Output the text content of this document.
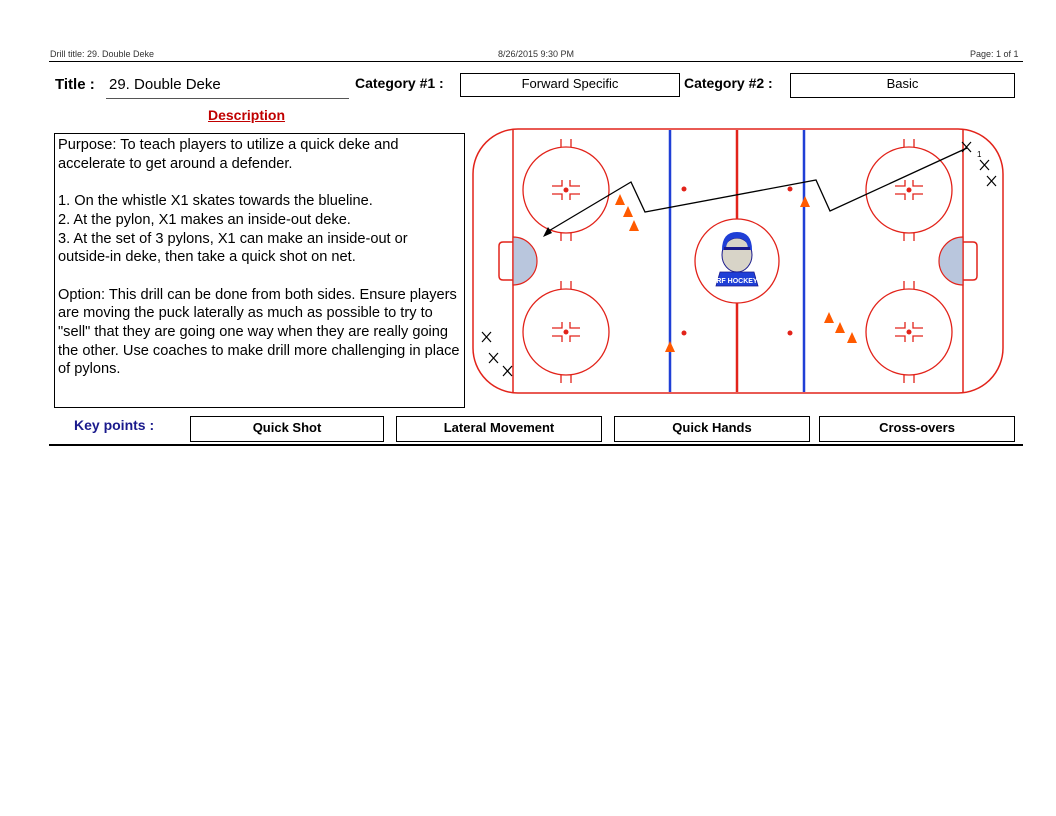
Drill title: 29. Double Deke	8/26/2015 9:30 PM	Page: 1 of 1
Title : 29. Double Deke	Category #1 :	Forward Specific	Category #2 :	Basic
Description

Purpose: To teach players to utilize a quick deke and accelerate to get around a defender.

1. On the whistle X1 skates towards the blueline.
2. At the pylon, X1 makes an inside-out deke.

3. At the set of 3 pylons, X1 can make an inside-out or outside-in deke, then take a quick shot on net.

Option: This drill can be done from both sides. Ensure players are moving the puck laterally as much as possible to try to "sell" that they are going one way when they are really going the other. Use coaches to make drill more challenging in place of pylons.

RF HOCKEY
1
Key points :	Quick Shot	Lateral Movement	Quick Hands	Cross-overs
